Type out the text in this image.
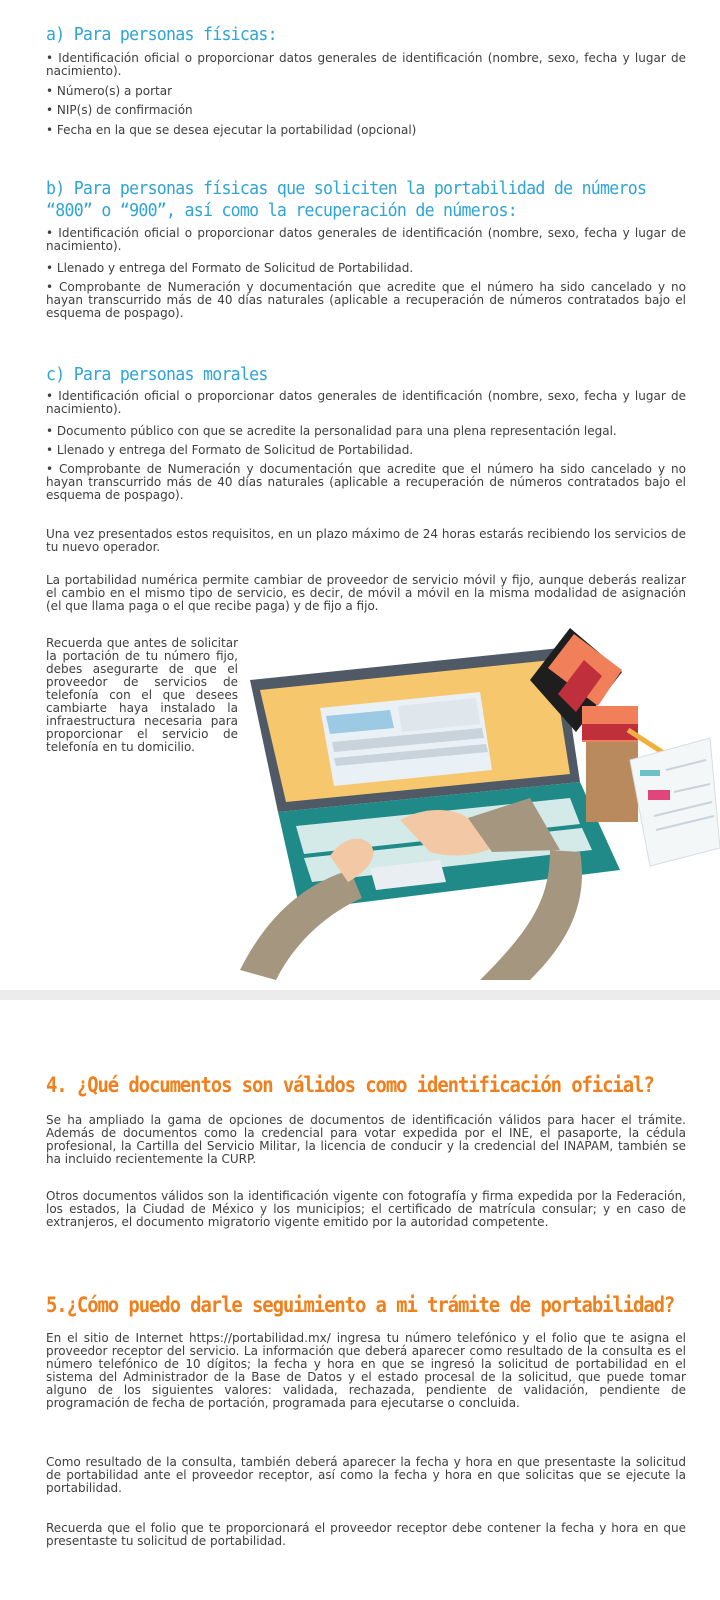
a) Para personas físicas:

• Identificación oficial o proporcionar datos generales de identificación (nombre, sexo, fecha y lugar de nacimiento).

• Número(s) a portar

• NIP(s) de confirmación

• Fecha en la que se desea ejecutar la portabilidad (opcional)

b) Para personas físicas que soliciten la portabilidad de números “800” o “900”, así como la recuperación de números:

• Identificación oficial o proporcionar datos generales de identificación (nombre, sexo, fecha y lugar de nacimiento).

• Llenado y entrega del Formato de Solicitud de Portabilidad.

• Comprobante de Numeración y documentación que acredite que el número ha sido cancelado y no hayan transcurrido más de 40 días naturales (aplicable a recuperación de números contratados bajo el esquema de pospago).

c) Para personas morales

• Identificación oficial o proporcionar datos generales de identificación (nombre, sexo, fecha y lugar de nacimiento).

• Documento público con que se acredite la personalidad para una plena representación legal.

• Llenado y entrega del Formato de Solicitud de Portabilidad.

• Comprobante de Numeración y documentación que acredite que el número ha sido cancelado y no hayan transcurrido más de 40 días naturales (aplicable a recuperación de números contratados bajo el esquema de pospago).

Una vez presentados estos requisitos, en un plazo máximo de 24 horas estarás recibiendo los servicios de tu nuevo operador.

La portabilidad numérica permite cambiar de proveedor de servicio móvil y fijo, aunque deberás realizar el cambio en el mismo tipo de servicio, es decir, de móvil a móvil en la misma modalidad de asignación (el que llama paga o el que recibe paga) y de fijo a fijo.

Recuerda que antes de solicitar la portación de tu número fijo, debes asegurarte de que el proveedor de servicios de telefonía con el que desees cambiarte haya instalado la infraestructura necesaria para proporcionar el servicio de telefonía en tu domicilio.

4. ¿Qué documentos son válidos como identificación oficial?

Se ha ampliado la gama de opciones de documentos de identificación válidos para hacer el trámite. Además de documentos como la credencial para votar expedida por el INE, el pasaporte, la cédula profesional, la Cartilla del Servicio Militar, la licencia de conducir y la credencial del INAPAM, también se ha incluido recientemente la CURP.

Otros documentos válidos son la identificación vigente con fotografía y firma expedida por la Federación, los estados, la Ciudad de México y los municipios; el certificado de matrícula consular; y en caso de extranjeros, el documento migratorio vigente emitido por la autoridad competente.

5.¿Cómo puedo darle seguimiento a mi trámite de portabilidad?

En el sitio de Internet https://portabilidad.mx/ ingresa tu número telefónico y el folio que te asigna el proveedor receptor del servicio. La información que deberá aparecer como resultado de la consulta es el número telefónico de 10 dígitos; la fecha y hora en que se ingresó la solicitud de portabilidad en el sistema del Administrador de la Base de Datos y el estado procesal de la solicitud, que puede tomar alguno de los siguientes valores: validada, rechazada, pendiente de validación, pendiente de programación de fecha de portación, programada para ejecutarse o concluida.

Como resultado de la consulta, también deberá aparecer la fecha y hora en que presentaste la solicitud de portabilidad ante el proveedor receptor, así como la fecha y hora en que solicitas que se ejecute la portabilidad.

Recuerda que el folio que te proporcionará el proveedor receptor debe contener la fecha y hora en que presentaste tu solicitud de portabilidad.
